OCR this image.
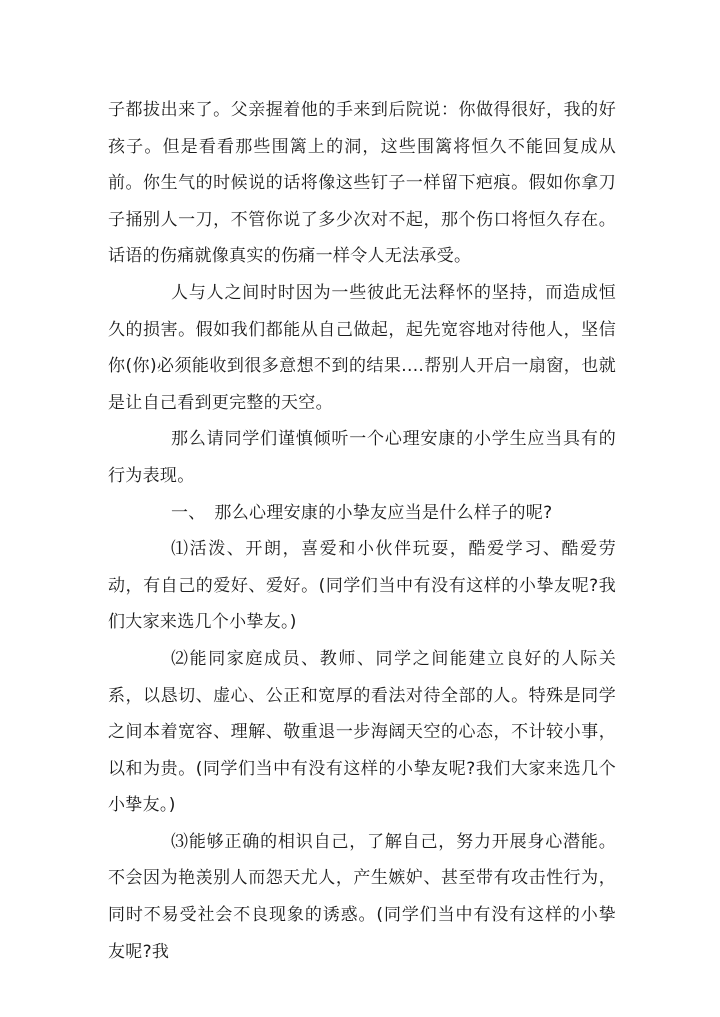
子都拔出来了。父亲握着他的手来到后院说：你做得很好，我的好孩子。但是看看那些围篱上的洞，这些围篱将恒久不能回复成从前。你生气的时候说的话将像这些钉子一样留下疤痕。假如你拿刀子捅别人一刀，不管你说了多少次对不起，那个伤口将恒久存在。话语的伤痛就像真实的伤痛一样令人无法承受。

人与人之间时时因为一些彼此无法释怀的坚持，而造成恒久的损害。假如我们都能从自己做起，起先宽容地对待他人，坚信你(你)必须能收到很多意想不到的结果....帮别人开启一扇窗，也就是让自己看到更完整的天空。

那么请同学们谨慎倾听一个心理安康的小学生应当具有的行为表现。

一、　那么心理安康的小挚友应当是什么样子的呢?

⑴活泼、开朗，喜爱和小伙伴玩耍，酷爱学习、酷爱劳动，有自己的爱好、爱好。(同学们当中有没有这样的小挚友呢?我们大家来选几个小挚友。)

⑵能同家庭成员、教师、同学之间能建立良好的人际关系，以恳切、虚心、公正和宽厚的看法对待全部的人。特殊是同学之间本着宽容、理解、敬重退一步海阔天空的心态，不计较小事，以和为贵。(同学们当中有没有这样的小挚友呢?我们大家来选几个小挚友。)

⑶能够正确的相识自己，了解自己，努力开展身心潜能。不会因为艳羡别人而怨天尤人，产生嫉妒、甚至带有攻击性行为，同时不易受社会不良现象的诱惑。(同学们当中有没有这样的小挚友呢?我
